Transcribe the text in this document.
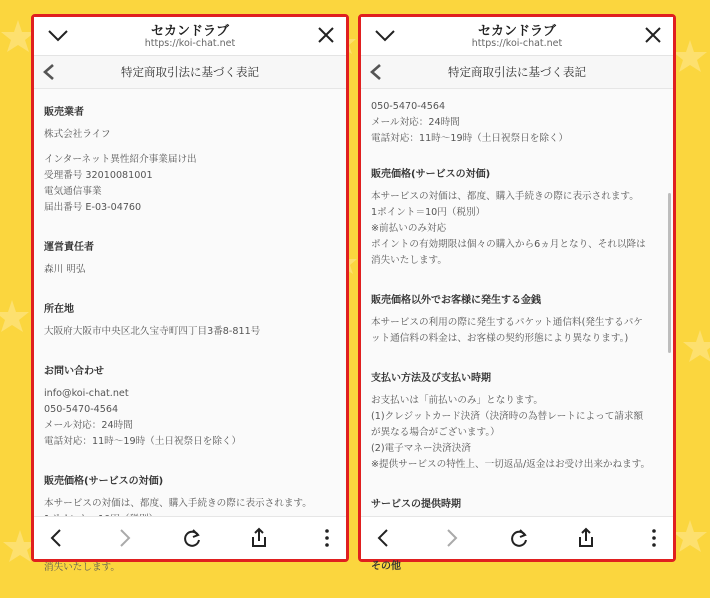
セカンドラブ
https://koi-chat.net
特定商取引法に基づく表記
販売業者
株式会社ライフ
インターネット異性紹介事業届け出
受理番号 32010081001
電気通信事業
届出番号 E-03-04760
運営責任者
森川 明弘
所在地
大阪府大阪市中央区北久宝寺町四丁目3番8-811号
お問い合わせ
info@koi-chat.net
050-5470-4564
メール対応：24時間
電話対応：11時〜19時（土日祝祭日を除く）
販売価格(サービスの対価)
本サービスの対価は、都度、購入手続きの際に表示されます。
消失いたします。
セカンドラブ
https://koi-chat.net
特定商取引法に基づく表記
050-5470-4564
メール対応：24時間
電話対応：11時〜19時（土日祝祭日を除く）
販売価格(サービスの対価)
本サービスの対価は、都度、購入手続きの際に表示されます。
1ポイント＝10円（税別）
※前払いのみ対応
ポイントの有効期限は個々の購入から6ヵ月となり、それ以降は
消失いたします。
販売価格以外でお客様に発生する金銭
本サービスの利用の際に発生するパケット通信料(発生するパケ
ット通信料の料金は、お客様の契約形態により異なります。)
支払い方法及び支払い時期
お支払いは「前払いのみ」となります。
(1)クレジットカード決済（決済時の為替レートによって請求額
が異なる場合がございます。）
(2)電子マネー決済決済
※提供サービスの特性上、一切返品/返金はお受け出来かねます。
サービスの提供時期
その他
